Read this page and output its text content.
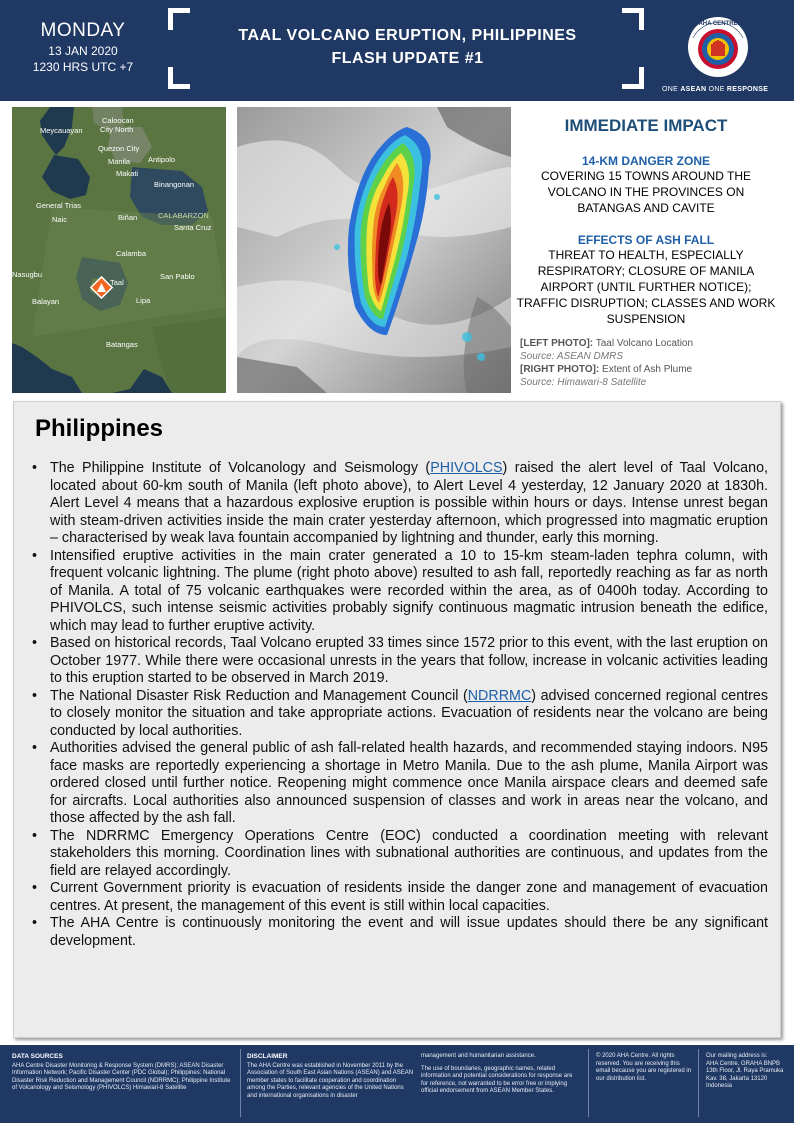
MONDAY
13 JAN 2020
1230 HRS UTC +7
TAAL VOLCANO ERUPTION, PHILIPPINES
FLASH UPDATE #1
AHA CENTRE
ONE ASEAN ONE RESPONSE
Caloocan
City North
Meycauayan
Quezon City
Manila Antipolo
Makati
Binangonan
General Trias
Naic	Biñan	CALABARZON
Santa Cruz
Calamba
Nasugbu	San Pablo
Taal
Balayan	Lipa
Batangas
IMMEDIATE IMPACT
14-KM DANGER ZONE
COVERING 15 TOWNS AROUND THE VOLCANO IN THE PROVINCES ON BATANGAS AND CAVITE
EFFECTS OF ASH FALL
THREAT TO HEALTH, ESPECIALLY RESPIRATORY; CLOSURE OF MANILA AIRPORT (UNTIL FURTHER NOTICE); TRAFFIC DISRUPTION; CLASSES AND WORK SUSPENSION
[LEFT PHOTO]: Taal Volcano Location
Source: ASEAN DMRS
[RIGHT PHOTO]: Extent of Ash Plume
Source: Himawari-8 Satellite
Philippines
• The Philippine Institute of Volcanology and Seismology (PHIVOLCS) raised the alert level of Taal Volcano, located about 60-km south of Manila (left photo above), to Alert Level 4 yesterday, 12 January 2020 at 1830h. Alert Level 4 means that a hazardous explosive eruption is possible within hours or days. Intense unrest began with steam-driven activities inside the main crater yesterday afternoon, which progressed into magmatic eruption – characterised by weak lava fountain accompanied by lightning and thunder, early this morning.
• Intensified eruptive activities in the main crater generated a 10 to 15-km steam-laden tephra column, with frequent volcanic lightning. The plume (right photo above) resulted to ash fall, reportedly reaching as far as north of Manila. A total of 75 volcanic earthquakes were recorded within the area, as of 0400h today. According to PHIVOLCS, such intense seismic activities probably signify continuous magmatic intrusion beneath the edifice, which may lead to further eruptive activity.
• Based on historical records, Taal Volcano erupted 33 times since 1572 prior to this event, with the last eruption on October 1977. While there were occasional unrests in the years that follow, increase in volcanic activities leading to this eruption started to be observed in March 2019.
• The National Disaster Risk Reduction and Management Council (NDRRMC) advised concerned regional centres to closely monitor the situation and take appropriate actions. Evacuation of residents near the volcano are being conducted by local authorities.
• Authorities advised the general public of ash fall-related health hazards, and recommended staying indoors. N95 face masks are reportedly experiencing a shortage in Metro Manila. Due to the ash plume, Manila Airport was ordered closed until further notice. Reopening might commence once Manila airspace clears and deemed safe for aircrafts. Local authorities also announced suspension of classes and work in areas near the volcano, and those affected by the ash fall.
• The NDRRMC Emergency Operations Centre (EOC) conducted a coordination meeting with relevant stakeholders this morning. Coordination lines with subnational authorities are continuous, and updates from the field are relayed accordingly.
• Current Government priority is evacuation of residents inside the danger zone and management of evacuation centres. At present, the management of this event is still within local capacities.
• The AHA Centre is continuously monitoring the event and will issue updates should there be any significant development.
DATA SOURCES
AHA Centre Disaster Monitoring & Response System (DMRS); ASEAN Disaster Information Network; Pacific Disaster Center (PDC Global); Philippines: National Disaster Risk Reduction and Management Council (NDRRMC); Philippine Institute of Volcanology and Seismology (PHIVOLCS) Himawari-8 Satellite
DISCLAIMER
The AHA Centre was established in November 2011 by the Association of South East Asian Nations (ASEAN) and ASEAN member states to facilitate cooperation and coordination among the Parties, relevant agencies of the United Nations and international organisations in disaster
management and humanitarian assistance.
The use of boundaries, geographic names, related information and potential considerations for response are for reference, not warranted to be error free or implying official endorsement from ASEAN Member States.
© 2020 AHA Centre. All rights reserved. You are receiving this email because you are registered in our distribution list.
Our mailing address is:
AHA Centre, GRAHA BNPB 13th Floor, Jl. Raya Pramuka Kav. 38, Jakarta 13120 Indonesia
